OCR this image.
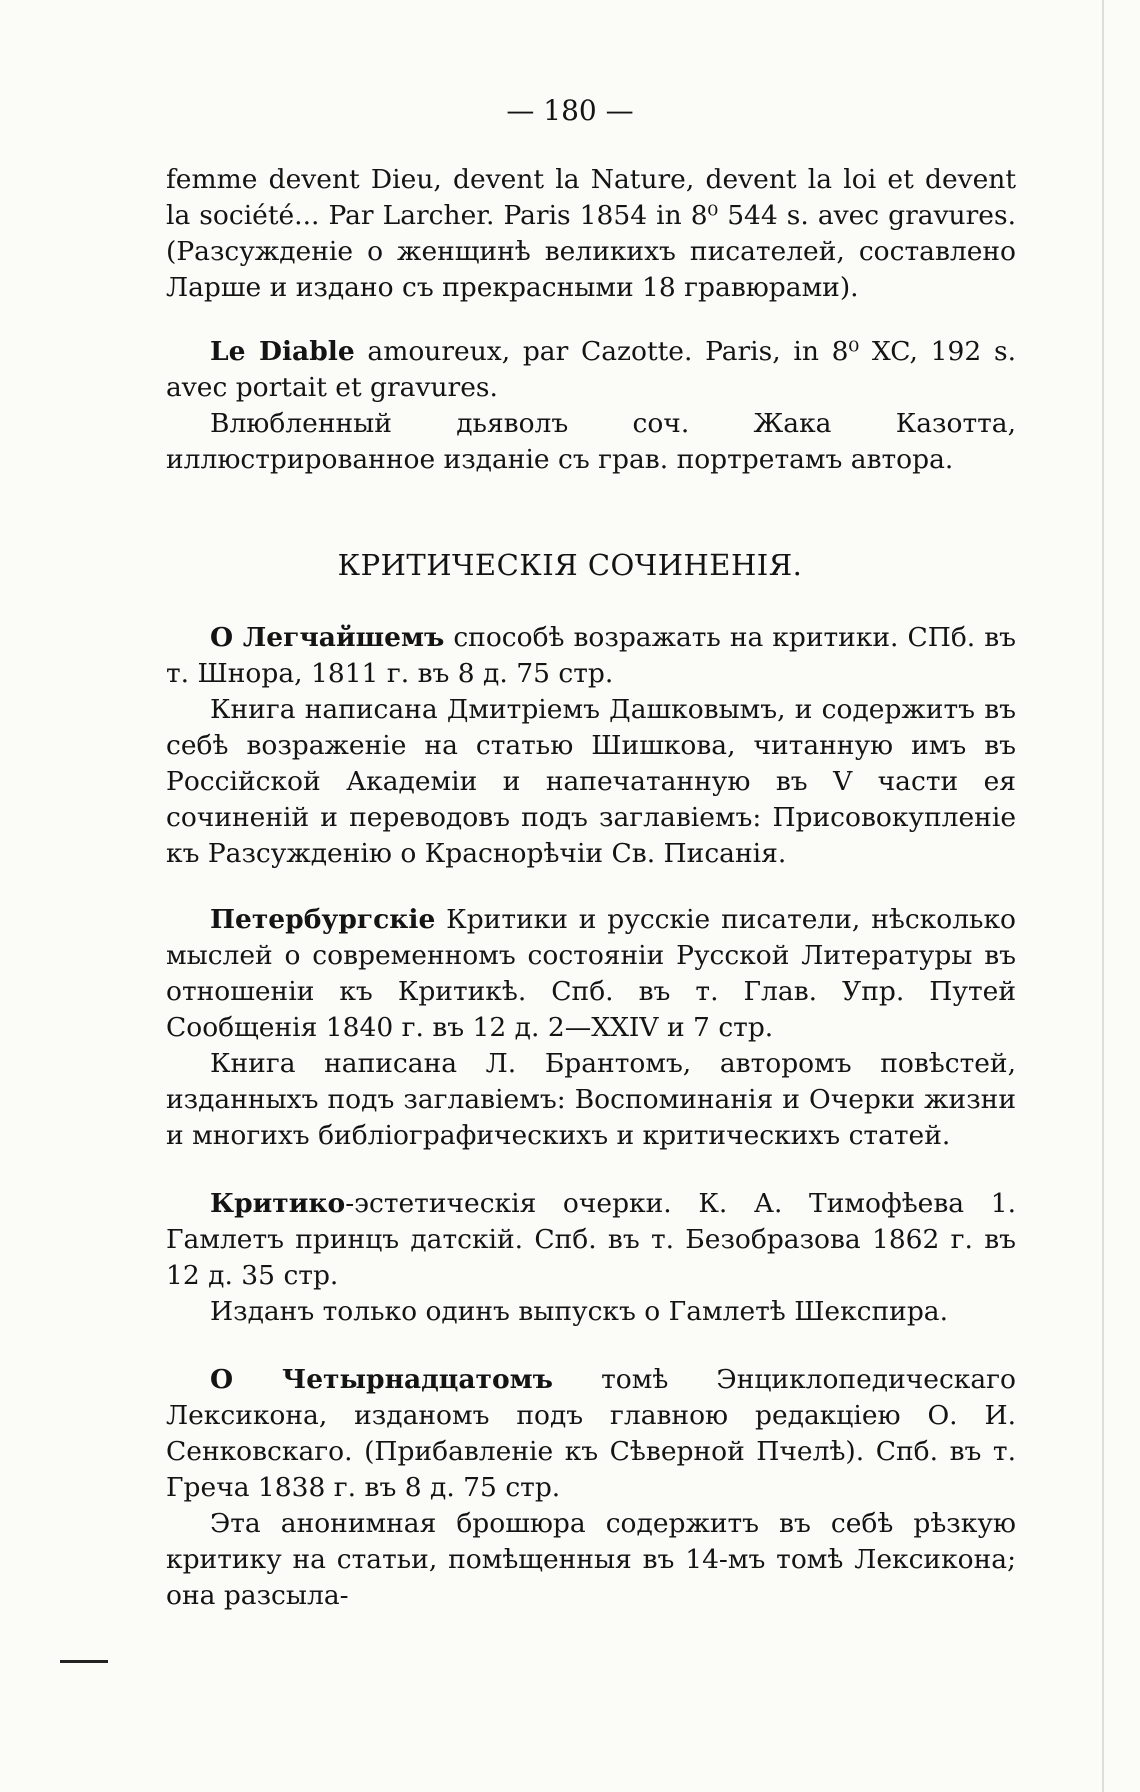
— 180 —

femme devent Dieu, devent la Nature, devent la loi et devent la société... Par Larcher. Paris 1854 in 8⁰ 544 s. avec gravures. (Разсужденіе о женщинѣ великихъ писателей, составлено Ларше и издано съ прекрасными 18 гравюрами).

Le Diable amoureux, par Cazotte. Paris, in 8⁰ XC, 192 s. avec portait et gravures.

Влюбленный дьяволъ соч. Жака Казотта, иллюстрированное изданіе съ грав. портретамъ автора.

КРИТИЧЕСКІЯ СОЧИНЕНІЯ.

О Легчайшемъ способѣ возражать на критики. СПб. въ т. Шнора, 1811 г. въ 8 д. 75 стр.

Книга написана Дмитріемъ Дашковымъ, и содержитъ въ себѣ возраженіе на статью Шишкова, читанную имъ въ Россійской Академіи и напечатанную въ V части ея сочиненій и переводовъ подъ заглавіемъ: Присовокупленіе къ Разсужденію о Краснорѣчіи Св. Писанія.

Петербургскіе Критики и русскіе писатели, нѣсколько мыслей о современномъ состояніи Русской Литературы въ отношеніи къ Критикѣ. Спб. въ т. Глав. Упр. Путей Сообщенія 1840 г. въ 12 д. 2—XXIV и 7 стр.

Книга написана Л. Брантомъ, авторомъ повѣстей, изданныхъ подъ заглавіемъ: Воспоминанія и Очерки жизни и многихъ библіографическихъ и критическихъ статей.

Критико-эстетическія очерки. К. А. Тимофѣева 1. Гамлетъ принцъ датскій. Спб. въ т. Безобразова 1862 г. въ 12 д. 35 стр.

Изданъ только одинъ выпускъ о Гамлетѣ Шекспира.

О Четырнадцатомъ томѣ Энциклопедическаго Лексикона, изданомъ подъ главною редакціею О. И. Сенковскаго. (Прибавленіе къ Сѣверной Пчелѣ). Спб. въ т. Греча 1838 г. въ 8 д. 75 стр.

Эта анонимная брошюра содержитъ въ себѣ рѣзкую критику на статьи, помѣщенныя въ 14-мъ томѣ Лексикона; она разсыла-
